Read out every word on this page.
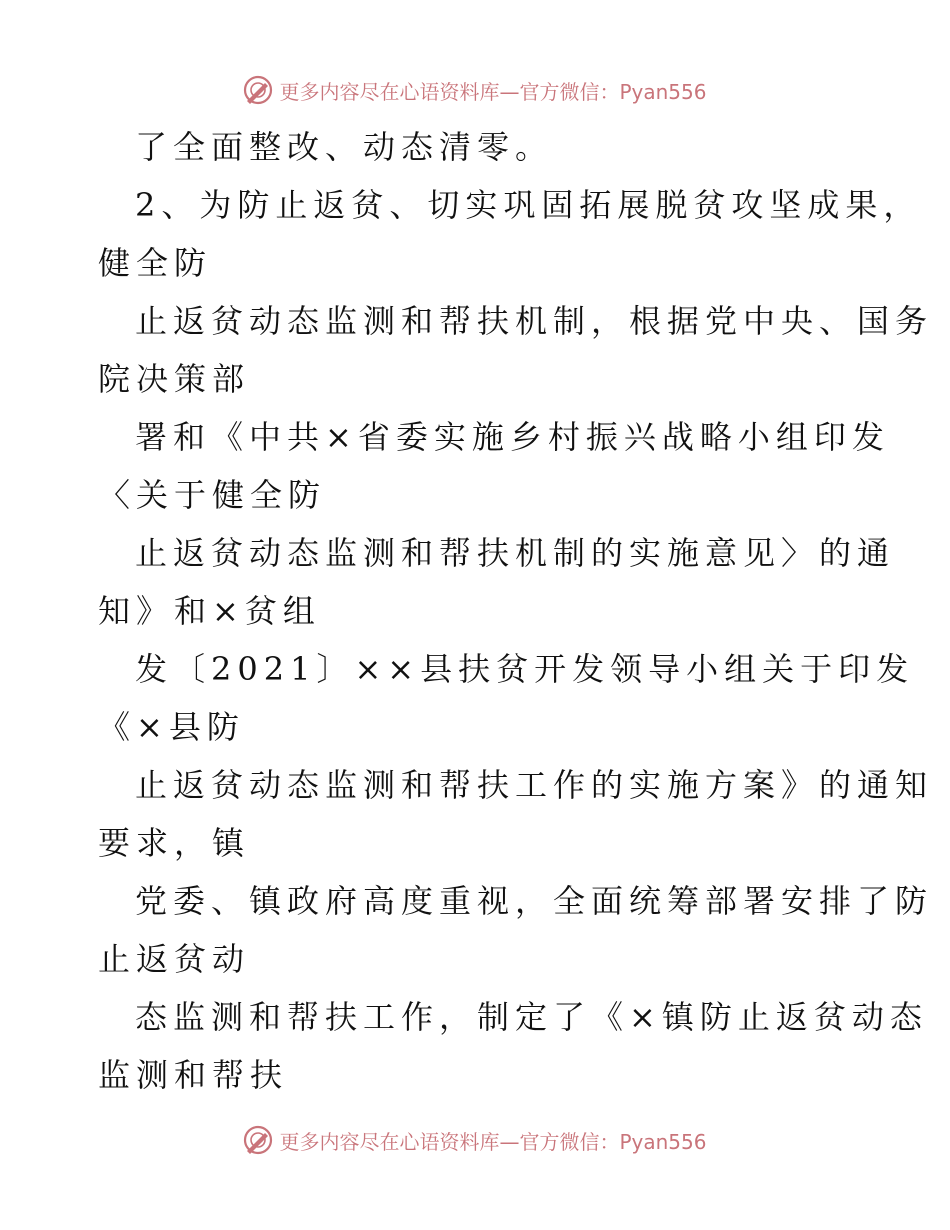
更多内容尽在心语资料库—官方微信：Pyan556
了全面整改、动态清零。
2、为防止返贫、切实巩固拓展脱贫攻坚成果，
健全防
止返贫动态监测和帮扶机制，根据党中央、国务
院决策部
署和《中共×省委实施乡村振兴战略小组印发
〈关于健全防
止返贫动态监测和帮扶机制的实施意见〉的通
知》和×贫组
发〔2021〕××县扶贫开发领导小组关于印发
《×县防
止返贫动态监测和帮扶工作的实施方案》的通知
要求，镇
党委、镇政府高度重视，全面统筹部署安排了防
止返贫动
态监测和帮扶工作，制定了《×镇防止返贫动态
监测和帮扶
更多内容尽在心语资料库—官方微信：Pyan556
